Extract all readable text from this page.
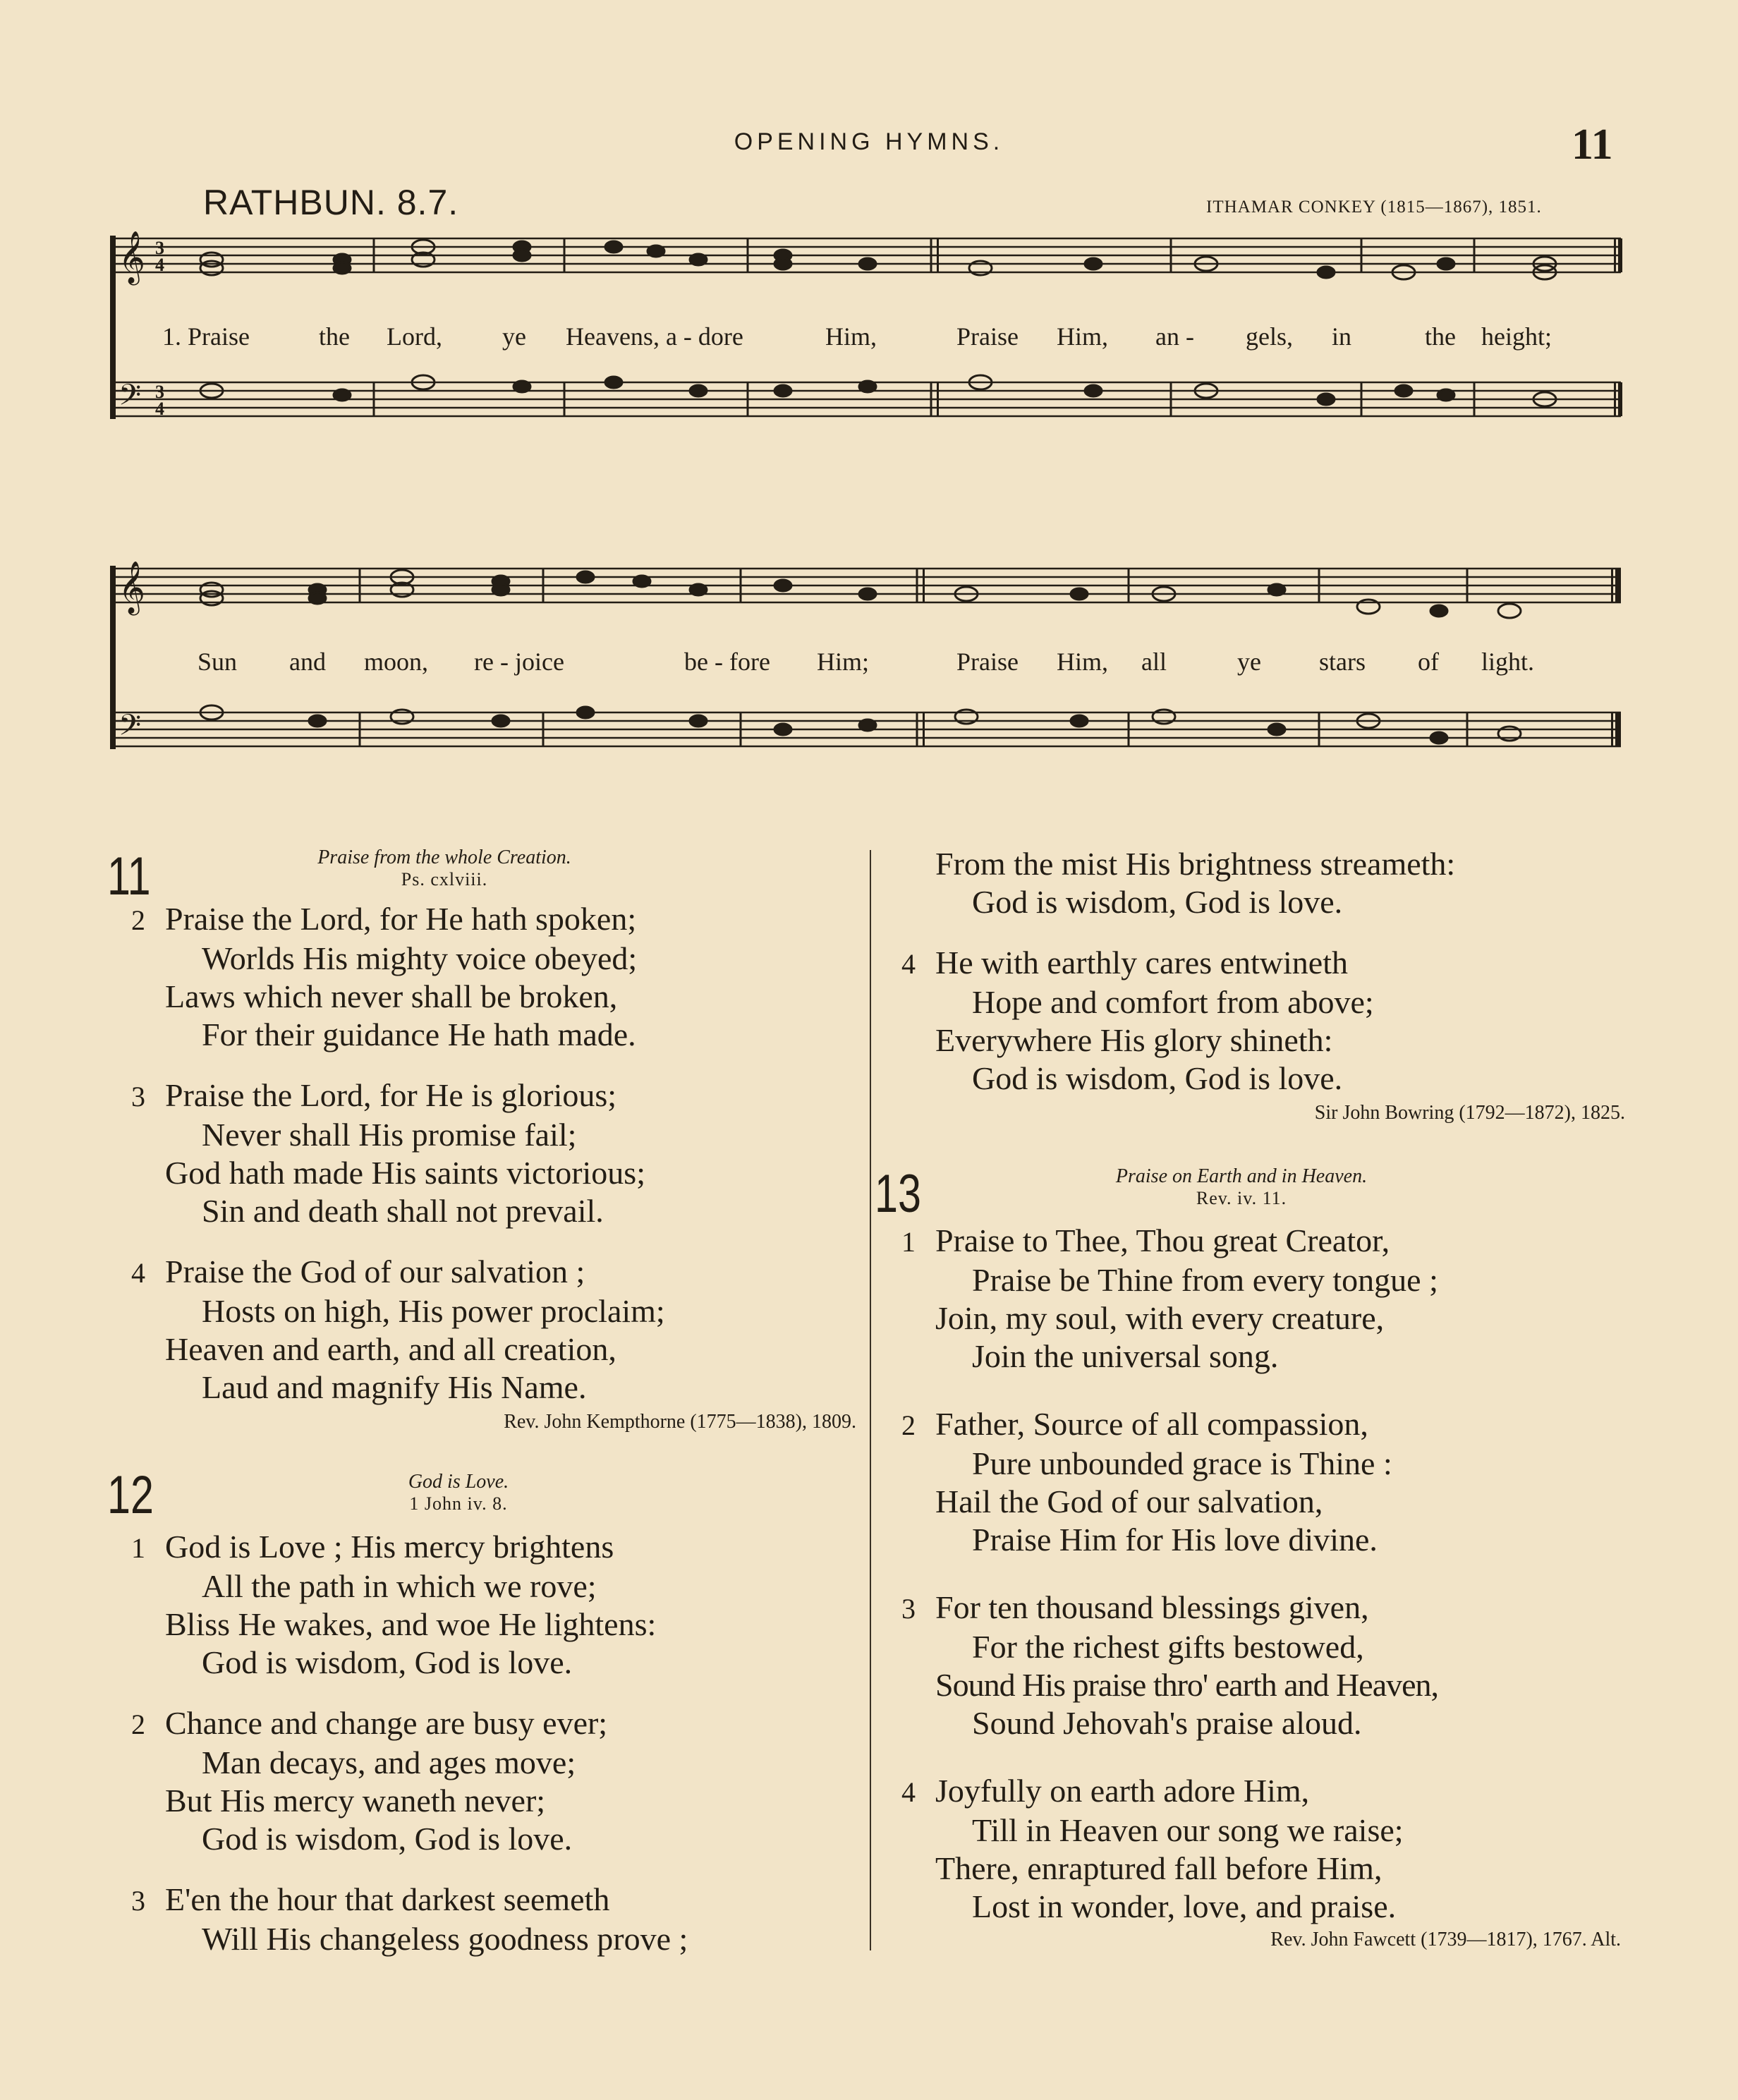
OPENING HYMNS.	11
RATHBUN. 8.7.	ITHAMAR CONKEY (1815—1867), 1851.
𝄞
𝄢
3
4
3
4
1. Praise	the Lord, ye Heavens, a - dore	Him,	Praise Him, an - gels, in	the height;
𝄞
𝄢
Sun and moon, re - joice	be - fore Him;	Praise Him, all	ye stars of light.
11	Praise from the whole Creation.
Ps. cxlviii.
2 Praise the Lord, for He hath spoken;
Worlds His mighty voice obeyed;
Laws which never shall be broken,
For their guidance He hath made.
3 Praise the Lord, for He is glorious;
Never shall His promise fail;
God hath made His saints victorious;
Sin and death shall not prevail.
4 Praise the God of our salvation ;
Hosts on high, His power proclaim;
Heaven and earth, and all creation,
Laud and magnify His Name.
Rev. John Kempthorne (1775—1838), 1809.
12	God is Love.
1 John iv. 8.
1 God is Love ; His mercy brightens
All the path in which we rove;
Bliss He wakes, and woe He lightens:
God is wisdom, God is love.
2 Chance and change are busy ever;
Man decays, and ages move;
But His mercy waneth never;
God is wisdom, God is love.
3 E'en the hour that darkest seemeth
Will His changeless goodness prove ;
From the mist His brightness streameth:
God is wisdom, God is love.
4 He with earthly cares entwineth
Hope and comfort from above;
Everywhere His glory shineth:
God is wisdom, God is love.
Sir John Bowring (1792—1872), 1825.
13	Praise on Earth and in Heaven.
Rev. iv. 11.
1 Praise to Thee, Thou great Creator,
Praise be Thine from every tongue ;
Join, my soul, with every creature,
Join the universal song.
2 Father, Source of all compassion,
Pure unbounded grace is Thine :
Hail the God of our salvation,
Praise Him for His love divine.
3 For ten thousand blessings given,
For the richest gifts bestowed,
Sound His praise thro' earth and Heaven,
Sound Jehovah's praise aloud.
4 Joyfully on earth adore Him,
Till in Heaven our song we raise;
There, enraptured fall before Him,
Lost in wonder, love, and praise.
Rev. John Fawcett (1739—1817), 1767. Alt.
